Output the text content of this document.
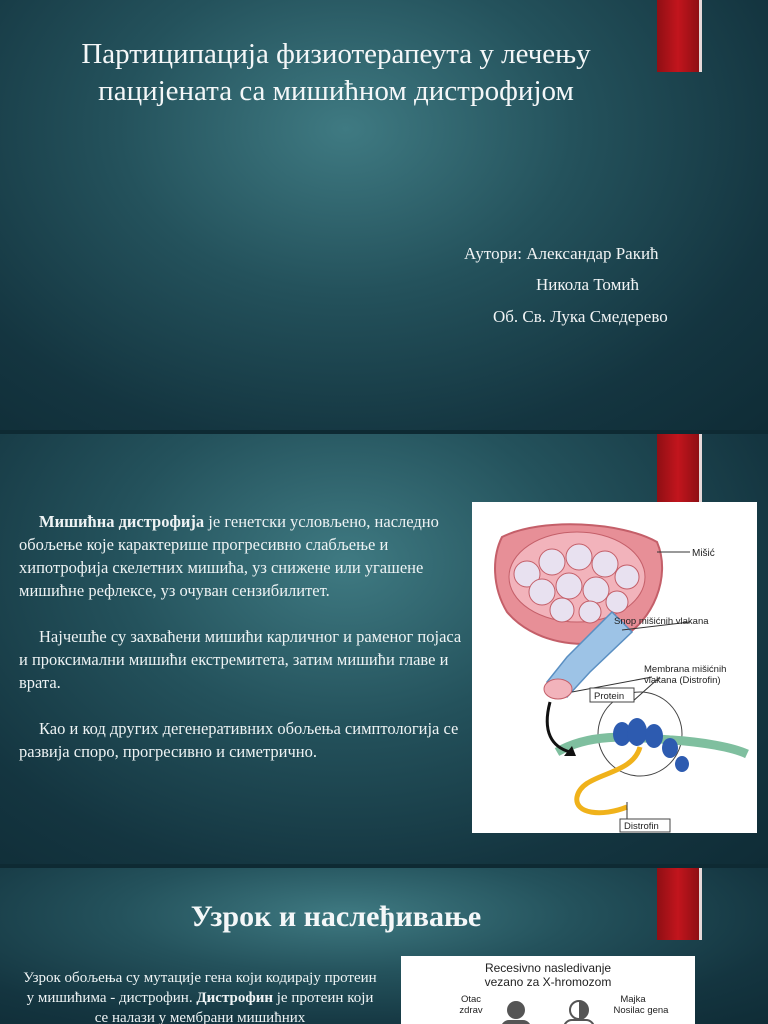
Партиципација физиотерапеута у лечењу пацијената са мишићном дистрофијом
Аутори: Александар Ракић
Никола Томић
Об. Св. Лука Смедерево

Мишићна дистрофија је генетски условљено, наследно обољење које карактерише прогресивно слабљење и хипотрофија скелетних мишића, уз снижене или угашене мишићне рефлексе, уз очуван сензибилитет.

Најчешће су захваћени мишићи карличног и раменог појаса и проксимални мишићи екстремитета, затим мишићи главе и врата.

Као и код других дегенеративних обољења симптологија се развија споро, прогресивно и симетрично.

Mišić
Snop mišićnih vlakana
Membrana mišićnih
vlakana (Distrofin)
Protein
Distrofin
Узрок и наслеђивање
Узрок обољења су мутације гена који кодирају протеин у мишићима - дистрофин. Дистрофин је протеин који се налази у мембрани мишићних
Recesivno nasledivanje
vezano za X-hromozom
Otac
zdrav
Majka
Nosilac gena
